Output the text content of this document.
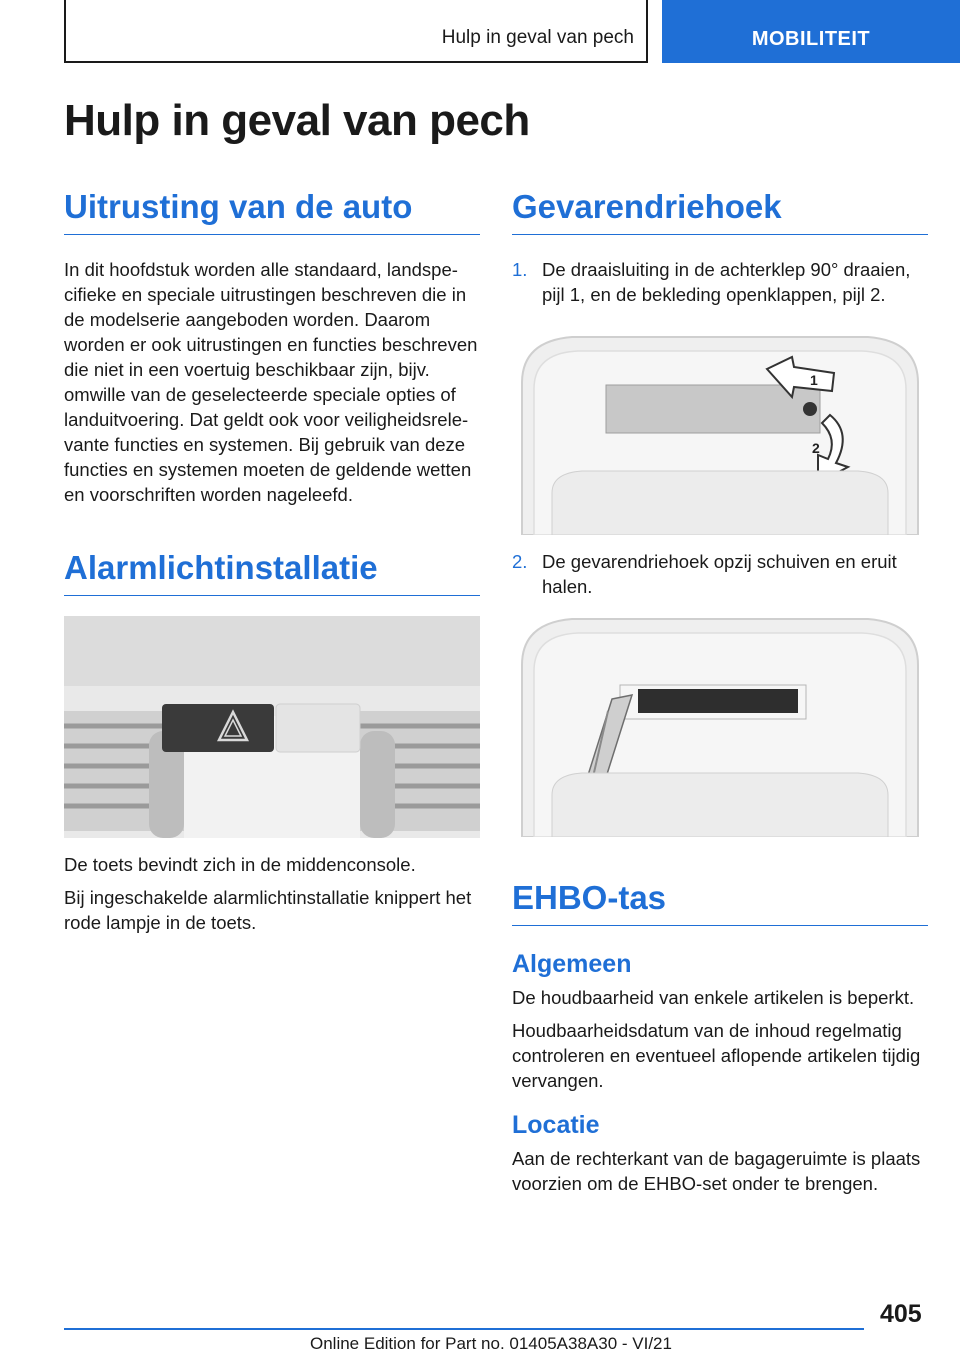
Hulp in geval van pech	MOBILITEIT
Hulp in geval van pech
Uitrusting van de auto

In dit hoofdstuk worden alle standaard, landspecifieke en speciale uitrustingen beschreven die in de modelserie aangeboden worden. Daarom worden er ook uitrustingen en functies beschreven die niet in een voertuig beschikbaar zijn, bijv. omwille van de geselecteerde speciale opties of landuitvoering. Dat geldt ook voor veiligheidsrelevante functies en systemen. Bij gebruik van deze functies en systemen moeten de geldende wetten en voorschriften worden nageleefd.

Alarmlichtinstallatie

De toets bevindt zich in de middenconsole.

Bij ingeschakelde alarmlichtinstallatie knippert het rode lampje in de toets.

Gevarendriehoek
1. De draaisluiting in de achterklep 90° draaien, pijl 1, en de bekleding openklappen, pijl 2.
1
2
2. De gevarendriehoek opzij schuiven en eruit halen.
EHBO-tas
Algemeen

De houdbaarheid van enkele artikelen is beperkt.

Houdbaarheidsdatum van de inhoud regelmatig controleren en eventueel aflopende artikelen tijdig vervangen.

Locatie

Aan de rechterkant van de bagageruimte is plaats voorzien om de EHBO-set onder te brengen.

405
Online Edition for Part no. 01405A38A30 - VI/21
